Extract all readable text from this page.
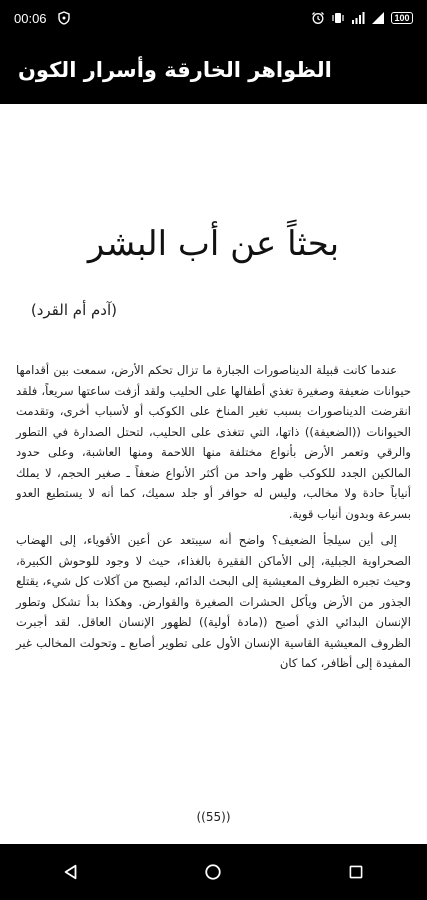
00:06	100
الظواهر الخارقة وأسرار الكون
بحثاً عن أب البشر
(آدم أم القرد)

عندما كانت قبيلة الديناصورات الجبارة ما تزال تحكم الأرض، سمعت بين أقدامها حيوانات ضعيفة وصغيرة تغذي أطفالها على الحليب ولقد أزفت ساعتها سريعاً، فلقد انقرضت الديناصورات بسبب تغير المناخ على الكوكب أو لأسباب أخرى، وتقدمت الحيوانات ((الضعيفة)) ذاتها، التي تتغذى على الحليب، لتحتل الصدارة في التطور والرقي وتعمر الأرض بأنواع مختلفة منها اللاحمة ومنها العاشبة، وعلى حدود المالكين الجدد للكوكب ظهر واحد من أكثر الأنواع ضعفاً ـ صغير الحجم، لا يملك أنياباً حادة ولا مخالب، وليس له حوافر أو جلد سميك، كما أنه لا يستطيع العدو بسرعة وبدون أنياب قوية.

إلى أين سيلجأ الضعيف؟ واضح أنه سيبتعد عن أعين الأقوياء، إلى الهضاب الصحراوية الجبلية، إلى الأماكن الفقيرة بالغذاء، حيث لا وجود للوحوش الكبيرة، وحيث تجبره الظروف المعيشية إلى البحث الدائم، ليصبح من آكلات كل شيء، يقتلع الجذور من الأرض ويأكل الحشرات الصغيرة والقوارض. وهكذا بدأ تشكل وتطور الإنسان البدائي الذي أصبح ((مادة أولية)) لظهور الإنسان العاقل. لقد أجبرت الظروف المعيشية القاسية الإنسان الأول على تطوير أصابع ـ وتحولت المخالب غير المفيدة إلى أظافر، كما كان

((55))
